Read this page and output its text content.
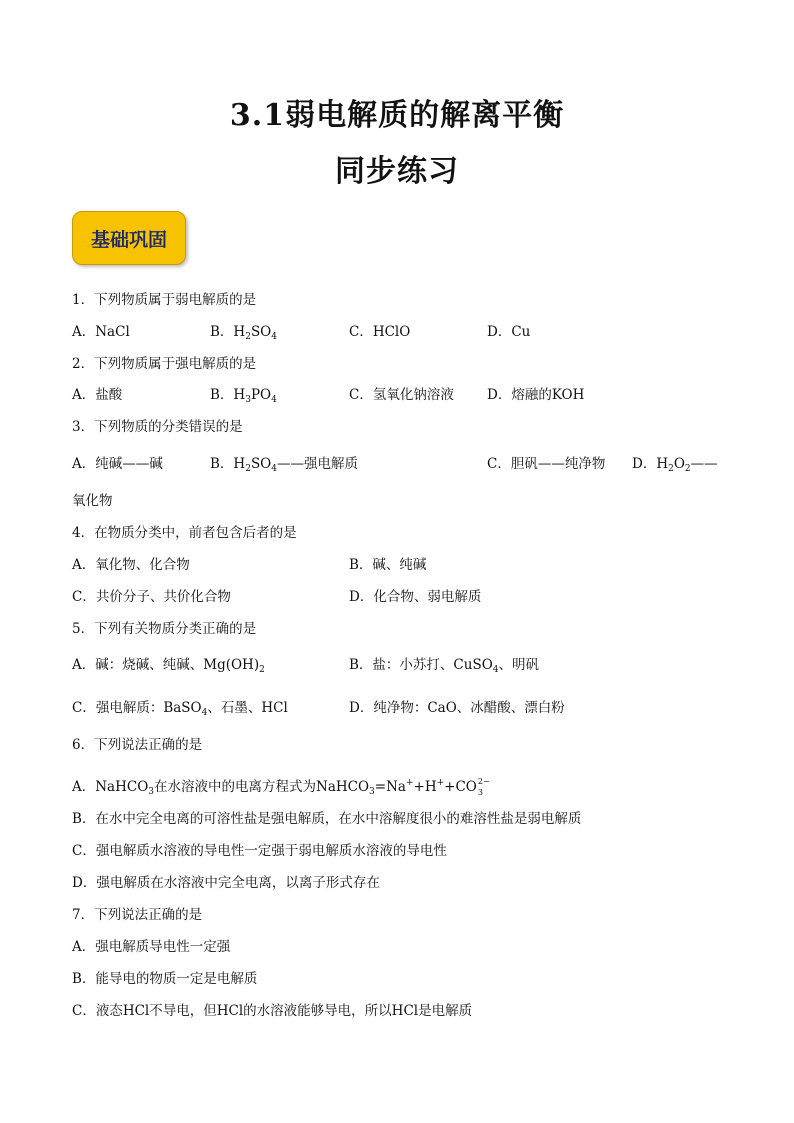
3.1弱电解质的解离平衡
同步练习
基础巩固
1．下列物质属于弱电解质的是
A．NaCl	B．$H_2SO_4$	C．HClO	D．Cu
2．下列物质属于强电解质的是
A．盐酸	B．$H_3PO_4$	C．氢氧化钠溶液 D．熔融的KOH
3．下列物质的分类错误的是
A．纯碱——碱	B．$H_2SO_4——$强电解质	C．胆矾——纯净物 D．$H_2O_2——$
氧化物
4．在物质分类中，前者包含后者的是
A．氧化物、化合物	B．碱、纯碱
C．共价分子、共价化合物	D．化合物、弱电解质
5．下列有关物质分类正确的是
A．碱：烧碱、纯碱、$Mg(OH)_2$	B．盐：小苏打、CuSO$_4$、明矾
C．强电解质：BaSO$_4$、石墨、HCl	D．纯净物：CaO、冰醋酸、漂白粉
6．下列说法正确的是
A．NaHCO$_3$在水溶液中的电离方程式为NaHCO$_3$=Na++H++CO 2−
3
B．在水中完全电离的可溶性盐是强电解质，在水中溶解度很小的难溶性盐是弱电解质
C．强电解质水溶液的导电性一定强于弱电解质水溶液的导电性
D．强电解质在水溶液中完全电离，以离子形式存在
7．下列说法正确的是
A．强电解质导电性一定强
B．能导电的物质一定是电解质
C．液态HCl不导电，但HCl的水溶液能够导电，所以HCl是电解质
